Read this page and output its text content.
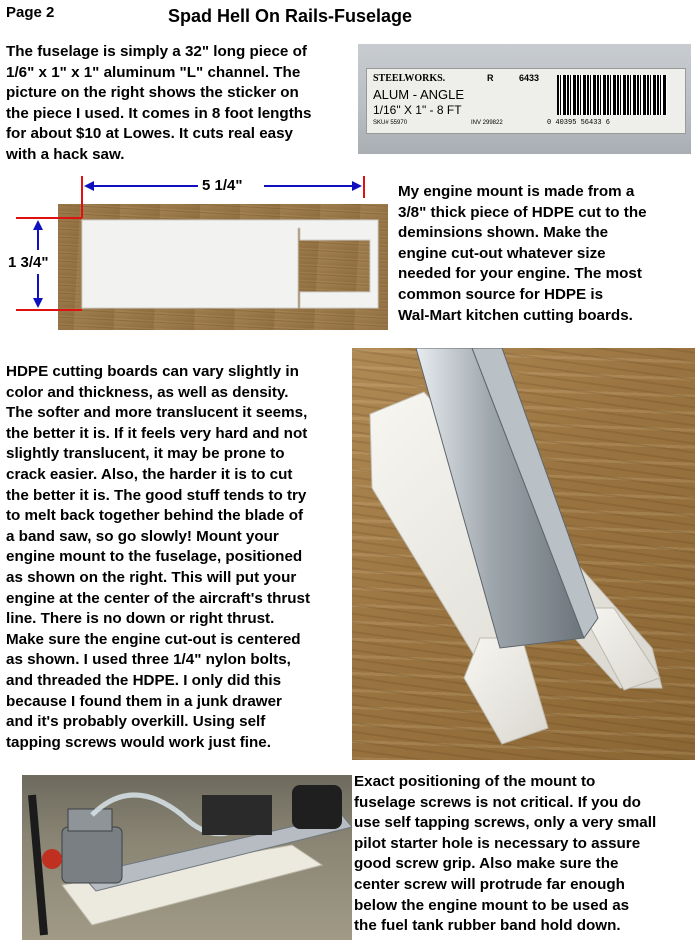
Page 2	Spad Hell On Rails-Fuselage
The fuselage is simply a 32" long piece of
1/6" x 1" x 1" aluminum "L" channel. The
picture on the right shows the sticker on
the piece I used. It comes in 8 foot lengths
for about $10 at Lowes. It cuts real easy
with a hack saw.
STEELWORKS.	R	6433
ALUM - ANGLE
1/16" X 1" - 8 FT
SKU# 55970	INV 299822	0 40395 56433 6
5 1/4"
1 3/4"
My engine mount is made from a
3/8" thick piece of HDPE cut to the
deminsions shown. Make the
engine cut-out whatever size
needed for your engine. The most
common source for HDPE is
Wal-Mart kitchen cutting boards.
HDPE cutting boards can vary slightly in
color and thickness, as well as density.
The softer and more translucent it seems,
the better it is. If it feels very hard and not
slightly translucent, it may be prone to
crack easier. Also, the harder it is to cut
the better it is. The good stuff tends to try
to melt back together behind the blade of
a band saw, so go slowly! Mount your
engine mount to the fuselage, positioned
as shown on the right. This will put your
engine at the center of the aircraft's thrust
line. There is no down or right thrust.
Make sure the engine cut-out is centered
as shown. I used three 1/4" nylon bolts,
and threaded the HDPE. I only did this
because I found them in a junk drawer
and it's probably overkill. Using self
tapping screws would work just fine.
Exact positioning of the mount to
fuselage screws is not critical. If you do
use self tapping screws, only a very small
pilot starter hole is necessary to assure
good screw grip. Also make sure the
center screw will protrude far enough
below the engine mount to be used as
the fuel tank rubber band hold down.
